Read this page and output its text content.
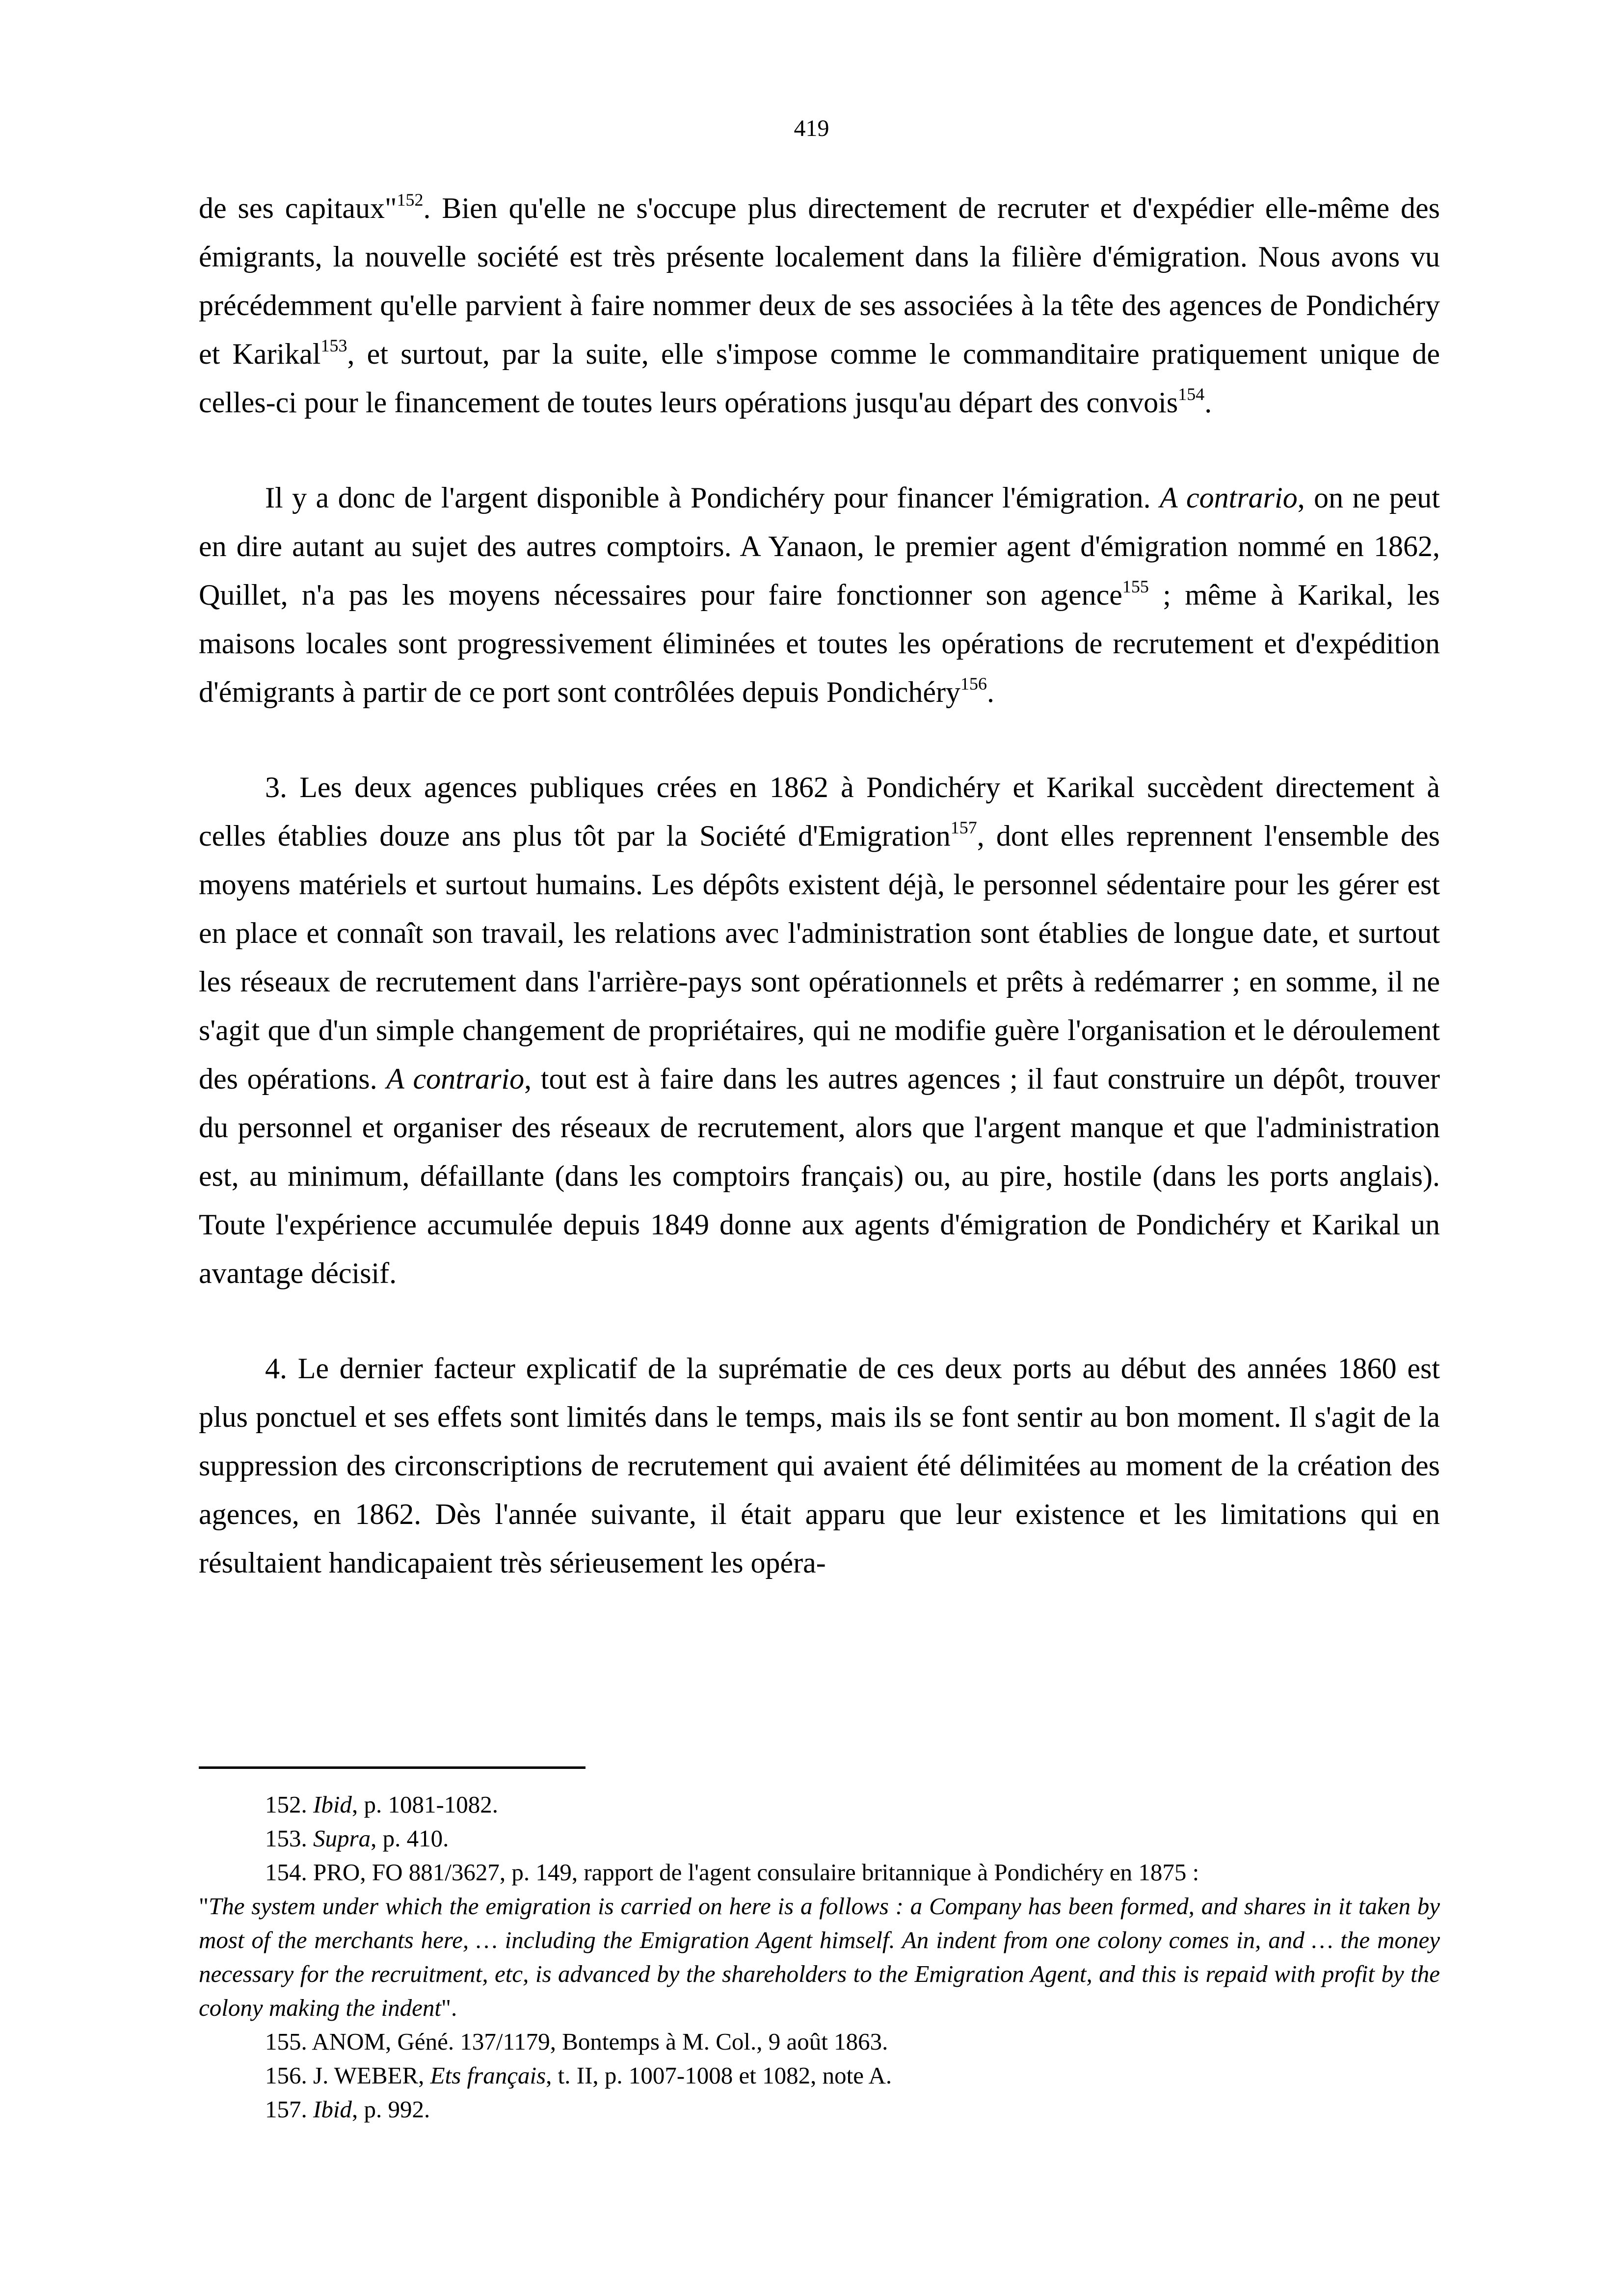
419

de ses capitaux"$^{152}$. Bien qu'elle ne s'occupe plus directement de recruter et d'expédier elle-même des émigrants, la nouvelle société est très présente localement dans la filière d'émigration. Nous avons vu précédemment qu'elle parvient à faire nommer deux de ses associées à la tête des agences de Pondichéry et Karikal$^{153}$, et surtout, par la suite, elle s'impose comme le commanditaire pratiquement unique de celles-ci pour le financement de toutes leurs opérations jusqu'au départ des convois$^{154}$.

Il y a donc de l'argent disponible à Pondichéry pour financer l'émigration. A contrario, on ne peut en dire autant au sujet des autres comptoirs. A Yanaon, le premier agent d'émigration nommé en 1862, Quillet, n'a pas les moyens nécessaires pour faire fonctionner son agence$^{155}$ ; même à Karikal, les maisons locales sont progressivement éliminées et toutes les opérations de recrutement et d'expédition d'émigrants à partir de ce port sont contrôlées depuis Pondichéry$^{156}$.

3. Les deux agences publiques crées en 1862 à Pondichéry et Karikal succèdent directement à celles établies douze ans plus tôt par la Société d'Emigration$^{157}$, dont elles reprennent l'ensemble des moyens matériels et surtout humains. Les dépôts existent déjà, le personnel sédentaire pour les gérer est en place et connaît son travail, les relations avec l'administration sont établies de longue date, et surtout les réseaux de recrutement dans l'arrière-pays sont opérationnels et prêts à redémarrer ; en somme, il ne s'agit que d'un simple changement de propriétaires, qui ne modifie guère l'organisation et le déroulement des opérations. A contrario, tout est à faire dans les autres agences ; il faut construire un dépôt, trouver du personnel et organiser des réseaux de recrutement, alors que l'argent manque et que l'administration est, au minimum, défaillante (dans les comptoirs français) ou, au pire, hostile (dans les ports anglais). Toute l'expérience accumulée depuis 1849 donne aux agents d'émigration de Pondichéry et Karikal un avantage décisif.

4. Le dernier facteur explicatif de la suprématie de ces deux ports au début des années 1860 est plus ponctuel et ses effets sont limités dans le temps, mais ils se font sentir au bon moment. Il s'agit de la suppression des circonscriptions de recrutement qui avaient été délimitées au moment de la création des agences, en 1862. Dès l'année suivante, il était apparu que leur existence et les limitations qui en résultaient handicapaient très sérieusement les opéra-

152. Ibid, p. 1081-1082.

153. Supra, p. 410.

154. PRO, FO 881/3627, p. 149, rapport de l'agent consulaire britannique à Pondichéry en 1875 :
"The system under which the emigration is carried on here is a follows : a Company has been formed, and shares in it taken by most of the merchants here, … including the Emigration Agent himself. An indent from one colony comes in, and … the money necessary for the recruitment, etc, is advanced by the shareholders to the Emigration Agent, and this is repaid with profit by the colony making the indent".

155. ANOM, Géné. 137/1179, Bontemps à M. Col., 9 août 1863.

156. J. WEBER, Ets français, t. II, p. 1007-1008 et 1082, note A.

157. Ibid, p. 992.
